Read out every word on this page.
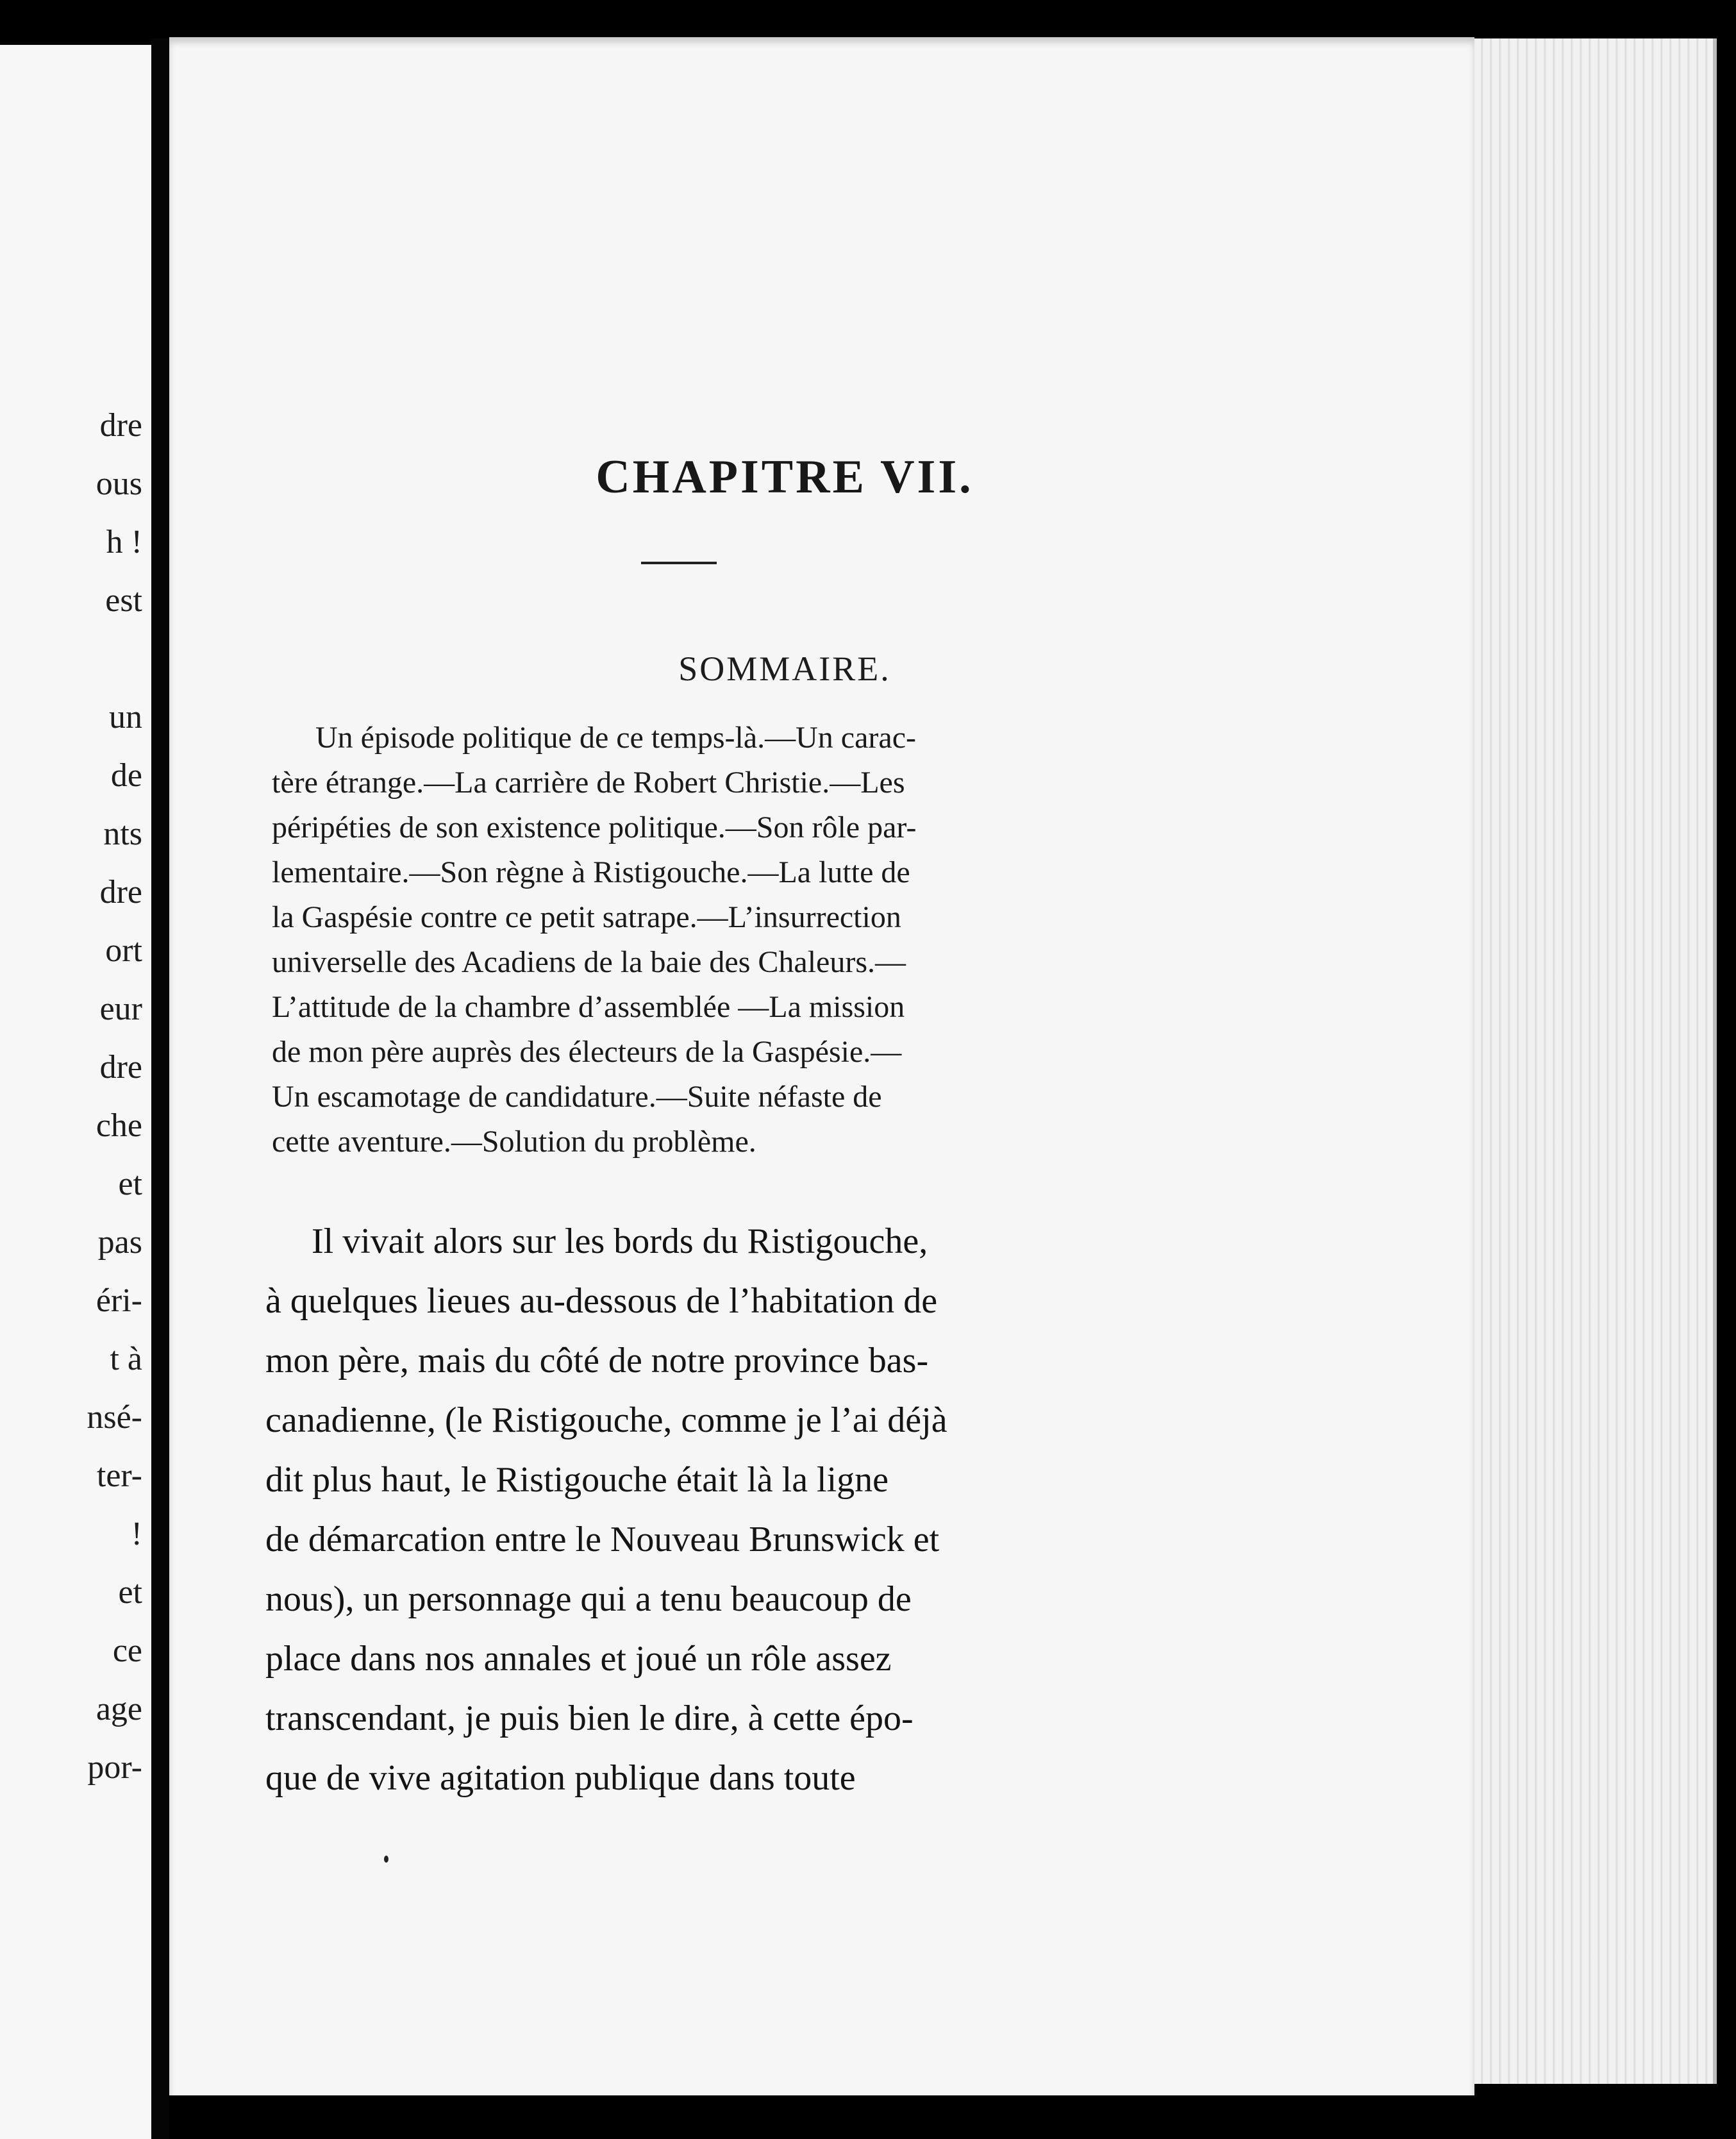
dre
ous
h !
est
un
de
nts
dre
ort
eur
dre
che
et
pas
éri-
t à
nsé-
ter-
!
et
ce
age
por-
CHAPITRE VII.
SOMMAIRE.
Un épisode politique de ce temps-là.—Un carac-
tère étrange.—La carrière de Robert Christie.—Les
péripéties de son existence politique.—Son rôle par-
lementaire.—Son règne à Ristigouche.—La lutte de
la Gaspésie contre ce petit satrape.—L’insurrection
universelle des Acadiens de la baie des Chaleurs.—
L’attitude de la chambre d’assemblée —La mission
de mon père auprès des électeurs de la Gaspésie.—
Un escamotage de candidature.—Suite néfaste de
cette aventure.—Solution du problème.
Il vivait alors sur les bords du Ristigouche,
à quelques lieues au-dessous de l’habitation de
mon père, mais du côté de notre province bas-
canadienne, (le Ristigouche, comme je l’ai déjà
dit plus haut, le Ristigouche était là la ligne
de démarcation entre le Nouveau Brunswick et
nous), un personnage qui a tenu beaucoup de
place dans nos annales et joué un rôle assez
transcendant, je puis bien le dire, à cette épo-
que de vive agitation publique dans toute
